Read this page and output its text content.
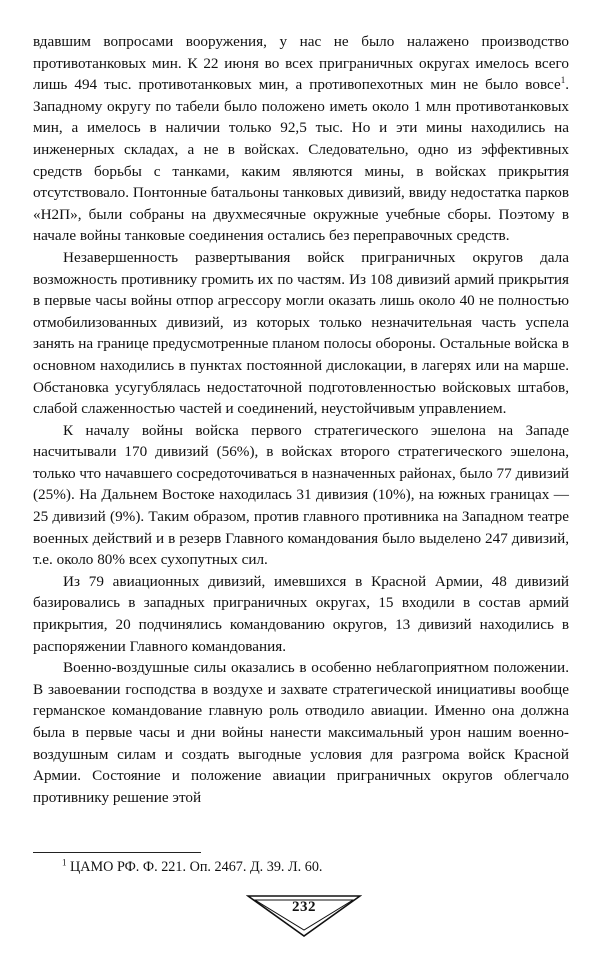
вдавшим вопросами вооружения, у нас не было налажено производство противотанковых мин. К 22 июня во всех приграничных округах имелось всего лишь 494 тыс. противотанковых мин, а противопехотных мин не было вовсе$^1$. Западному округу по табели было положено иметь около 1 млн противотанковых мин, а имелось в наличии только 92,5 тыс. Но и эти мины находились на инженерных складах, а не в войсках. Следовательно, одно из эффективных средств борьбы с танками, каким являются мины, в войсках прикрытия отсутствовало. Понтонные батальоны танковых дивизий, ввиду недостатка парков «Н2П», были собраны на двухмесячные окружные учебные сборы. Поэтому в начале войны танковые соединения остались без переправочных средств.

Незавершенность развертывания войск приграничных округов дала возможность противнику громить их по частям. Из 108 дивизий армий прикрытия в первые часы войны отпор агрессору могли оказать лишь около 40 не полностью отмобилизованных дивизий, из которых только незначительная часть успела занять на границе предусмотренные планом полосы обороны. Остальные войска в основном находились в пунктах постоянной дислокации, в лагерях или на марше. Обстановка усугублялась недостаточной подготовленностью войсковых штабов, слабой слаженностью частей и соединений, неустойчивым управлением.

К началу войны войска первого стратегического эшелона на Западе насчитывали 170 дивизий (56%), в войсках второго стратегического эшелона, только что начавшего сосредоточиваться в назначенных районах, было 77 дивизий (25%). На Дальнем Востоке находилась 31 дивизия (10%), на южных границах — 25 дивизий (9%). Таким образом, против главного противника на Западном театре военных действий и в резерв Главного командования было выделено 247 дивизий, т.е. около 80% всех сухопутных сил.

Из 79 авиационных дивизий, имевшихся в Красной Армии, 48 дивизий базировались в западных приграничных округах, 15 входили в состав армий прикрытия, 20 подчинялись командованию округов, 13 дивизий находились в распоряжении Главного командования.

Военно-воздушные силы оказались в особенно неблагоприятном положении. В завоевании господства в воздухе и захвате стратегической инициативы вообще германское командование главную роль отводило авиации. Именно она должна была в первые часы и дни войны нанести максимальный урон нашим военно-воздушным силам и создать выгодные условия для разгрома войск Красной Армии. Состояние и положение авиации приграничных округов облегчало противнику решение этой

$^1$ ЦАМО РФ. Ф. 221. Оп. 2467. Д. 39. Л. 60.
232
